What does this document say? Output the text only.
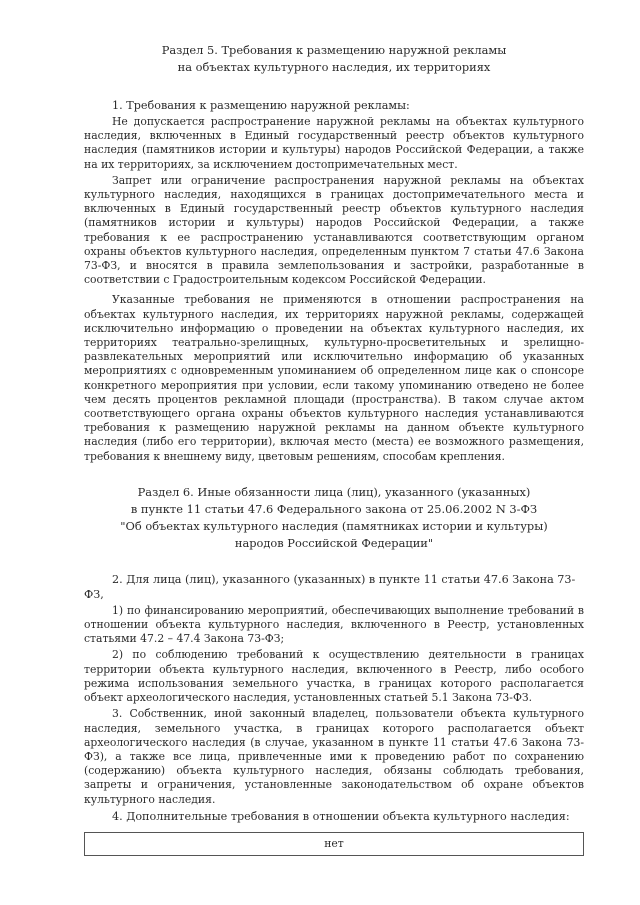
Раздел 5. Требования к размещению наружной рекламы
на объектах культурного наследия, их территориях
1. Требования к размещению наружной рекламы:

Не допускается распространение наружной рекламы на объектах культурного наследия, включенных в Единый государственный реестр объектов культурного наследия (памятников истории и культуры) народов Российской Федерации, а также на их территориях, за исключением достопримечательных мест.

Запрет или ограничение распространения наружной рекламы на объектах культурного наследия, находящихся в границах достопримечательного места и включенных в Единый государственный реестр объектов культурного наследия (памятников истории и культуры) народов Российской Федерации, а также требования к ее распространению устанавливаются соответствующим органом охраны объектов культурного наследия, определенным пунктом 7 статьи 47.6 Закона 73-ФЗ, и вносятся в правила землепользования и застройки, разработанные в соответствии с Градостроительным кодексом Российской Федерации.

Указанные требования не применяются в отношении распространения на объектах культурного наследия, их территориях наружной рекламы, содержащей исключительно информацию о проведении на объектах культурного наследия, их территориях театрально-зрелищных, культурно-просветительных и зрелищно-развлекательных мероприятий или исключительно информацию об указанных мероприятиях с одновременным упоминанием об определенном лице как о спонсоре конкретного мероприятия при условии, если такому упоминанию отведено не более чем десять процентов рекламной площади (пространства). В таком случае актом соответствующего органа охраны объектов культурного наследия устанавливаются требования к размещению наружной рекламы на данном объекте культурного наследия (либо его территории), включая место (места) ее возможного размещения, требования к внешнему виду, цветовым решениям, способам крепления.

Раздел 6. Иные обязанности лица (лиц), указанного (указанных)
в пункте 11 статьи 47.6 Федерального закона от 25.06.2002 N 3-ФЗ
"Об объектах культурного наследия (памятниках истории и культуры)
народов Российской Федерации"
2. Для лица (лиц), указанного (указанных) в пункте 11 статьи 47.6 Закона 73-ФЗ,

1) по финансированию мероприятий, обеспечивающих выполнение требований в отношении объекта культурного наследия, включенного в Реестр, установленных статьями 47.2 – 47.4 Закона 73-ФЗ;

2) по соблюдению требований к осуществлению деятельности в границах территории объекта культурного наследия, включенного в Реестр, либо особого режима использования земельного участка, в границах которого располагается объект археологического наследия, установленных статьей 5.1 Закона 73-ФЗ.

3. Собственник, иной законный владелец, пользователи объекта культурного наследия, земельного участка, в границах которого располагается объект археологического наследия (в случае, указанном в пункте 11 статьи 47.6 Закона 73-ФЗ), а также все лица, привлеченные ими к проведению работ по сохранению (содержанию) объекта культурного наследия, обязаны соблюдать требования, запреты и ограничения, установленные законодательством об охране объектов культурного наследия.

4. Дополнительные требования в отношении объекта культурного наследия:
нет
